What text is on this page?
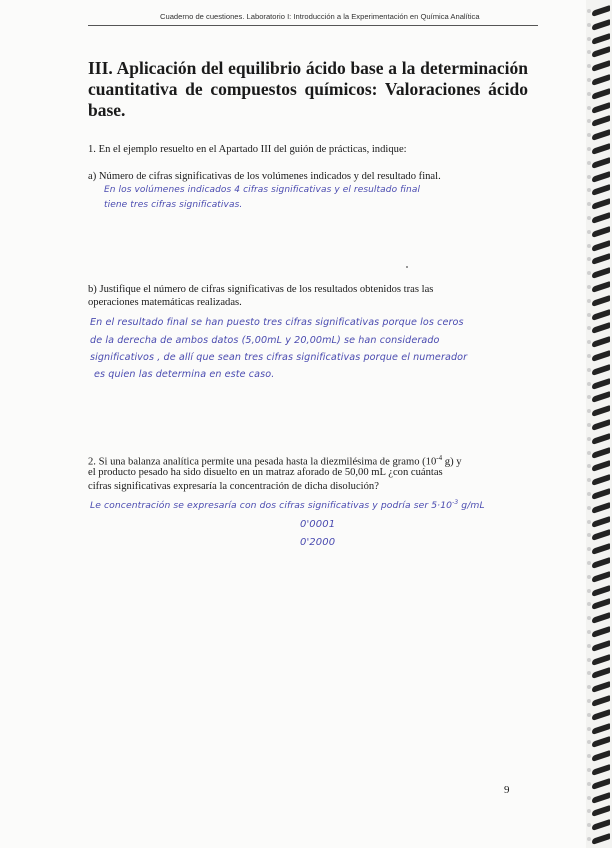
Cuaderno de cuestiones. Laboratorio I: Introducción a la Experimentación en Química Analítica
III. Aplicación del equilibrio ácido base a la determinación cuantitativa de compuestos químicos: Valoraciones ácido base.
1. En el ejemplo resuelto en el Apartado III del guión de prácticas, indique:
a) Número de cifras significativas de los volúmenes indicados y del resultado final.
En los volúmenes indicados 4 cifras significativas y el resultado final
tiene tres cifras significativas.
b) Justifique el número de cifras significativas de los resultados obtenidos tras las
operaciones matemáticas realizadas.
En el resultado final se han puesto tres cifras significativas porque los ceros
de la derecha de ambos datos (5,00mL y 20,00mL) se han considerado
significativos , de allí que sean tres cifras significativas porque el numerador
es quien las determina en este caso.
2. Si una balanza analítica permite una pesada hasta la diezmilésima de gramo ($10^{-4}$ g) y
el producto pesado ha sido disuelto en un matraz aforado de 50,00 mL ¿con cuántas
cifras significativas expresaría la concentración de dicha disolución?
Le concentración se expresaría con dos cifras significativas y podría ser $5\cdot 10^{-3}$ g/mL
0'0001
0'2000
9
